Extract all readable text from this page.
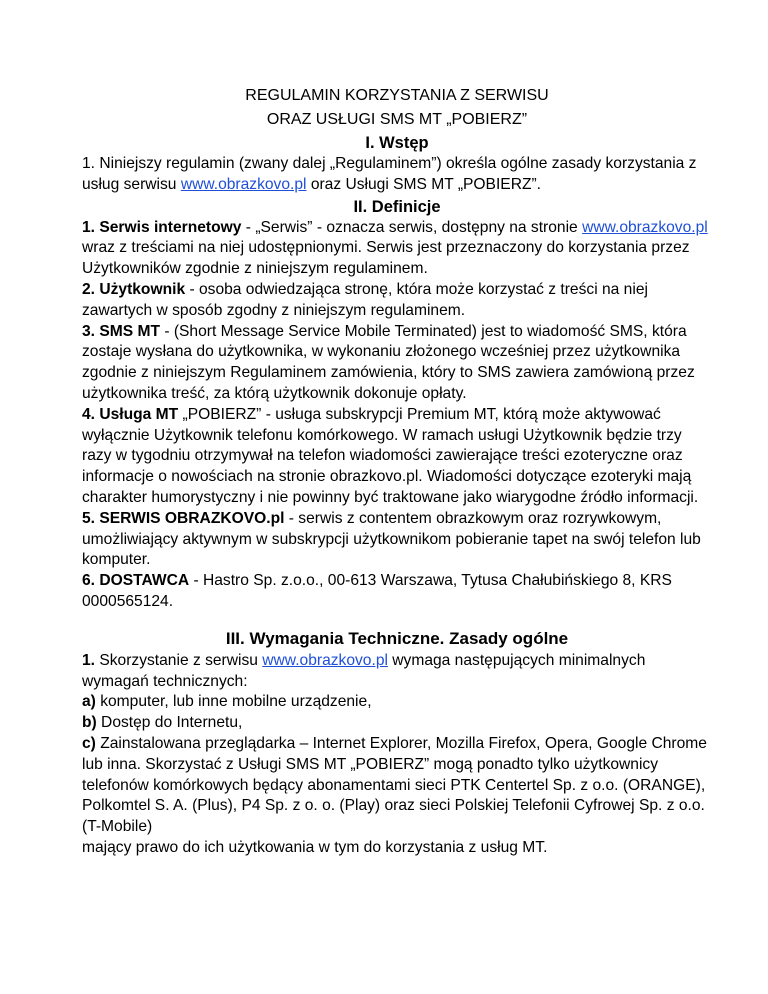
REGULAMIN KORZYSTANIA Z SERWISU
ORAZ USŁUGI SMS MT „POBIERZ”
I. Wstęp

1. Niniejszy regulamin (zwany dalej „Regulaminem”) określa ogólne zasady korzystania z usług serwisu www.obrazkovo.pl oraz Usługi SMS MT „POBIERZ”.

II. Definicje

1. Serwis internetowy - „Serwis” - oznacza serwis, dostępny na stronie www.obrazkovo.pl wraz z treściami na niej udostępnionymi. Serwis jest przeznaczony do korzystania przez Użytkowników zgodnie z niniejszym regulaminem.

2. Użytkownik - osoba odwiedzająca stronę, która może korzystać z treści na niej zawartych w sposób zgodny z niniejszym regulaminem.

3. SMS MT - (Short Message Service Mobile Terminated) jest to wiadomość SMS, która zostaje wysłana do użytkownika, w wykonaniu złożonego wcześniej przez użytkownika zgodnie z niniejszym Regulaminem zamówienia, który to SMS zawiera zamówioną przez użytkownika treść, za którą użytkownik dokonuje opłaty.

4. Usługa MT „POBIERZ” - usługa subskrypcji Premium MT, którą może aktywować wyłącznie Użytkownik telefonu komórkowego. W ramach usługi Użytkownik będzie trzy razy w tygodniu otrzymywał na telefon wiadomości zawierające treści ezoteryczne oraz informacje o nowościach na stronie obrazkovo.pl. Wiadomości dotyczące ezoteryki mają charakter humorystyczny i nie powinny być traktowane jako wiarygodne źródło informacji.

5. SERWIS OBRAZKOVO.pl - serwis z contentem obrazkowym oraz rozrywkowym, umożliwiający aktywnym w subskrypcji użytkownikom pobieranie tapet na swój telefon lub komputer.

6. DOSTAWCA - Hastro Sp. z.o.o., 00-613 Warszawa, Tytusa Chałubińskiego 8, KRS 0000565124.

III. Wymagania Techniczne. Zasady ogólne

1. Skorzystanie z serwisu www.obrazkovo.pl wymaga następujących minimalnych wymagań technicznych:

a) komputer, lub inne mobilne urządzenie,

b) Dostęp do Internetu,

c) Zainstalowana przeglądarka – Internet Explorer, Mozilla Firefox, Opera, Google Chrome lub inna. Skorzystać z Usługi SMS MT „POBIERZ” mogą ponadto tylko użytkownicy telefonów komórkowych będący abonamentami sieci PTK Centertel Sp. z o.o. (ORANGE), Polkomtel S. A. (Plus), P4 Sp. z o. o. (Play) oraz sieci Polskiej Telefonii Cyfrowej Sp. z o.o.(T-Mobile)

mający prawo do ich użytkowania w tym do korzystania z usług MT.
